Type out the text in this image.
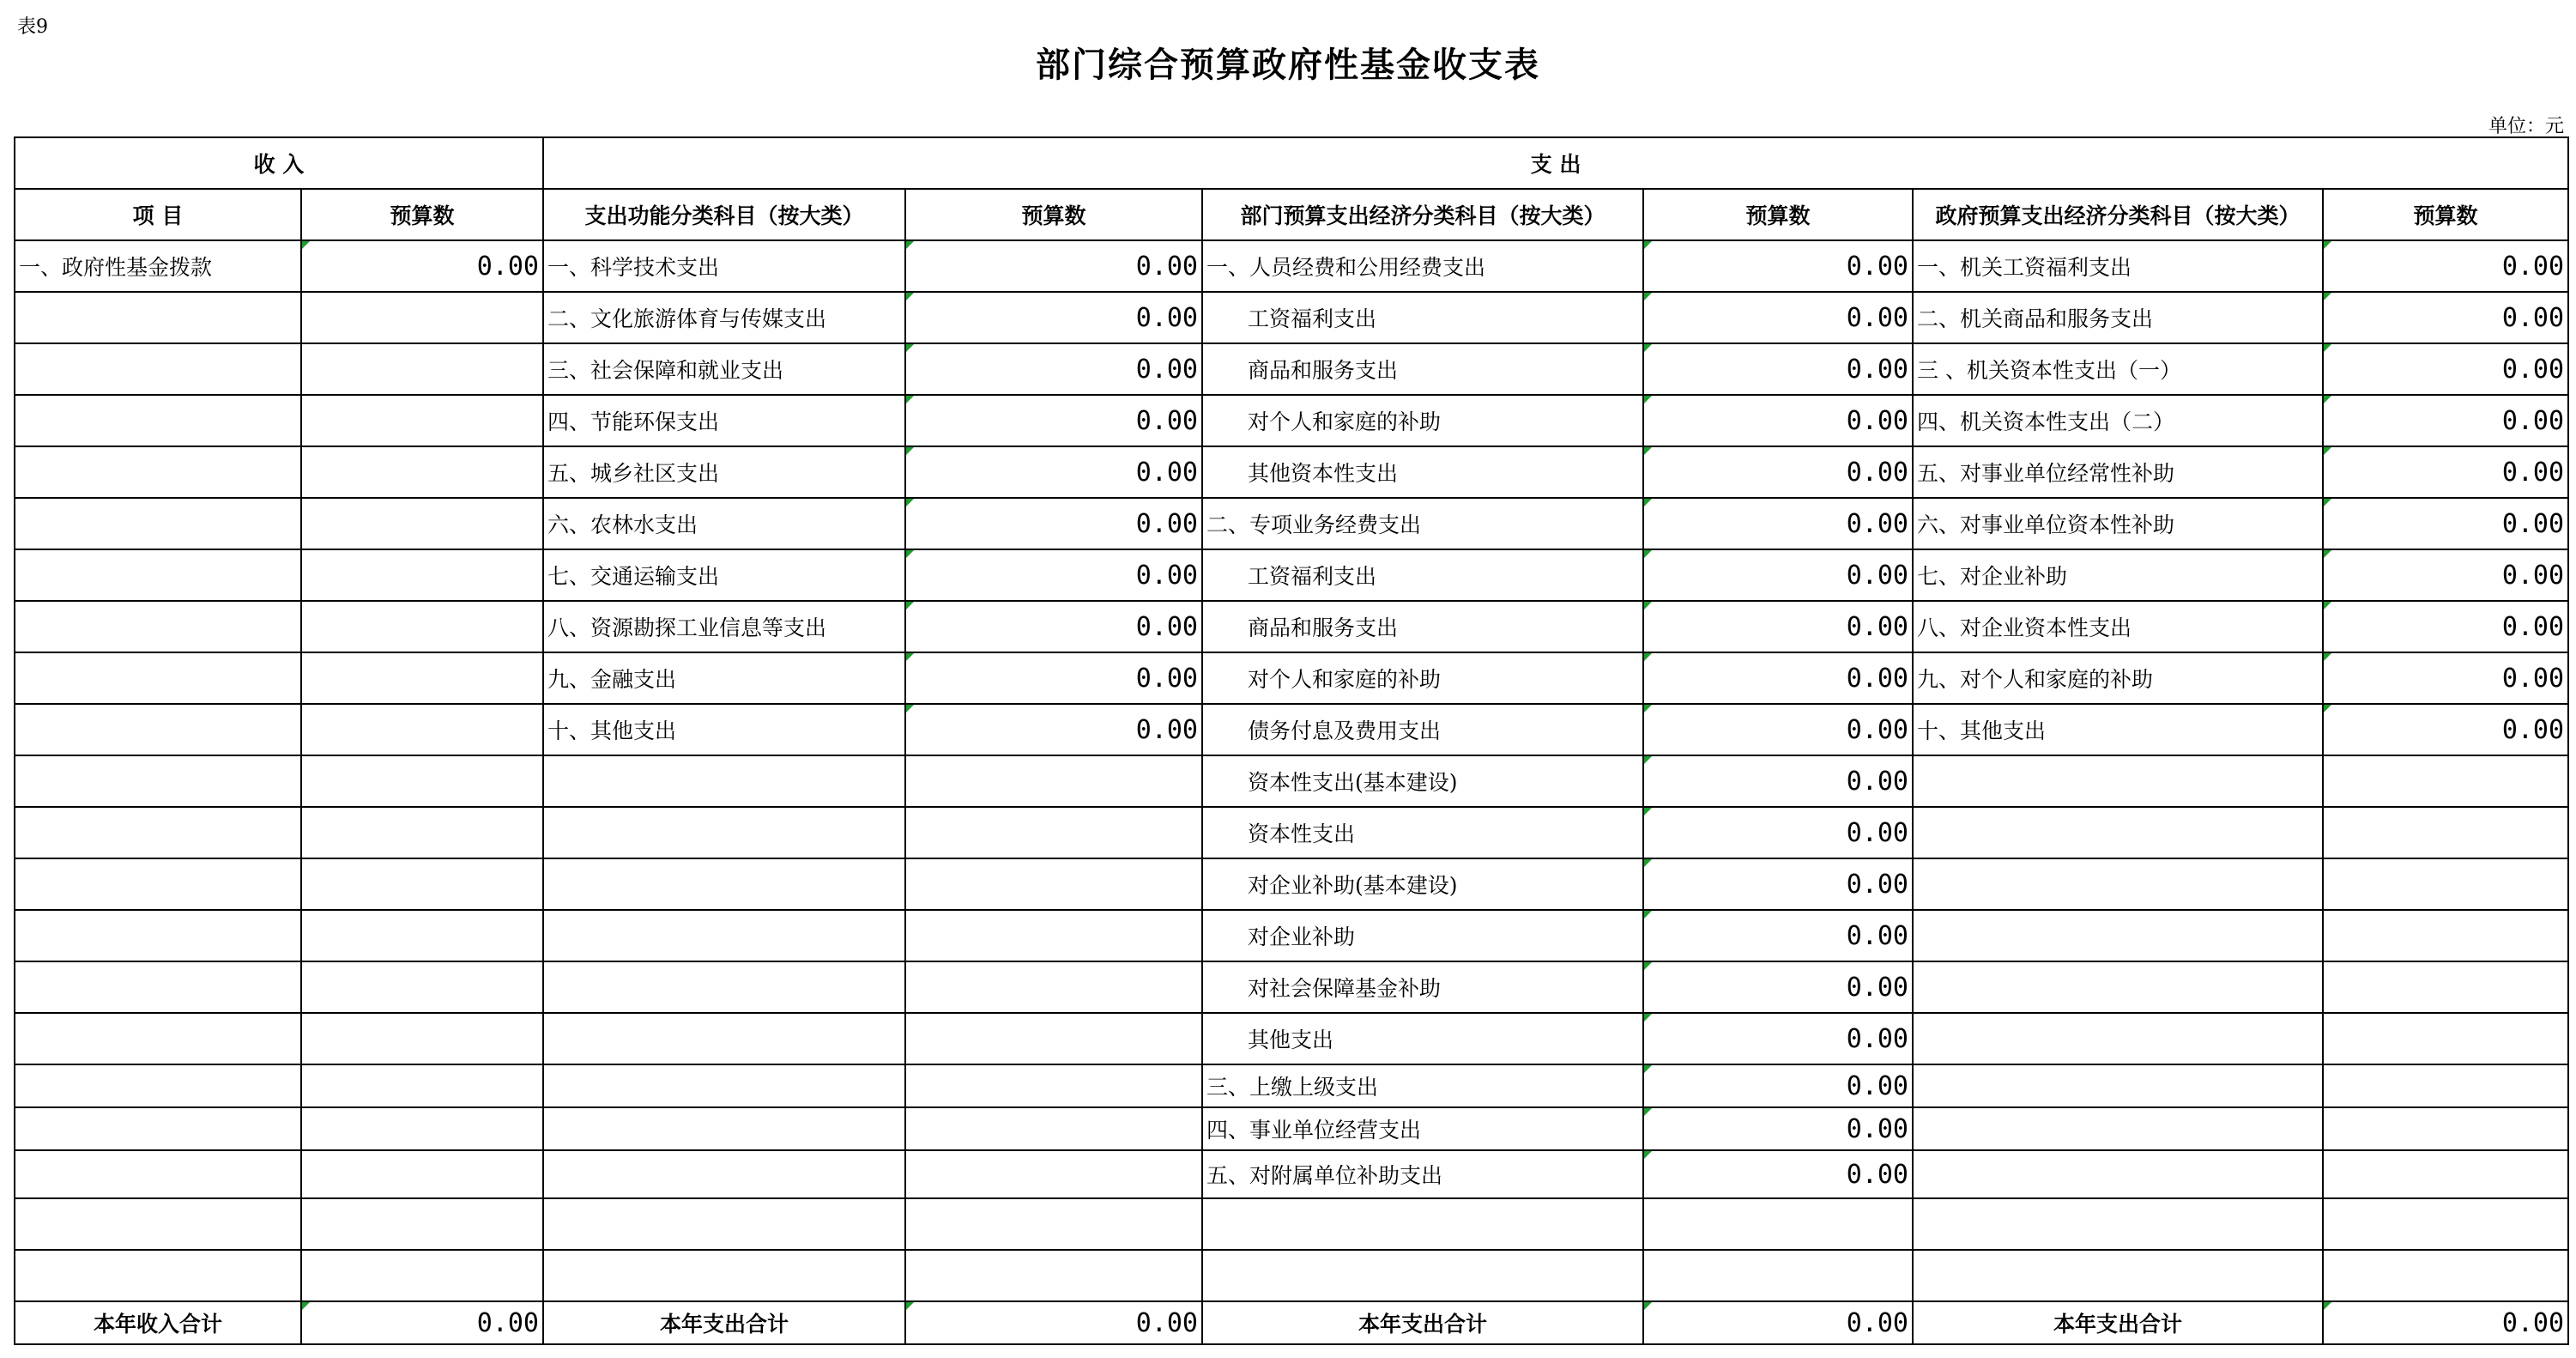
表9
部门综合预算政府性基金收支表
单位：元
收 入		支 出					
项 目	预算数	支出功能分类科目（按大类）	预算数	部门预算支出经济分类科目（按大类）	预算数	政府预算支出经济分类科目（按大类）	预算数
一、政府性基金拨款	0.00	一、科学技术支出	0.00	一、人员经费和公用经费支出	0.00	一、机关工资福利支出	0.00
		二、文化旅游体育与传媒支出	0.00	工资福利支出	0.00	二、机关商品和服务支出	0.00
		三、社会保障和就业支出	0.00	商品和服务支出	0.00	三 、机关资本性支出（一）	0.00
		四、节能环保支出	0.00	对个人和家庭的补助	0.00	四、机关资本性支出（二）	0.00
		五、城乡社区支出	0.00	其他资本性支出	0.00	五、对事业单位经常性补助	0.00
		六、农林水支出	0.00	二、专项业务经费支出	0.00	六、对事业单位资本性补助	0.00
		七、交通运输支出	0.00	工资福利支出	0.00	七、对企业补助	0.00
		八、资源勘探工业信息等支出	0.00	商品和服务支出	0.00	八、对企业资本性支出	0.00
		九、金融支出	0.00	对个人和家庭的补助	0.00	九、对个人和家庭的补助	0.00
		十、其他支出	0.00	债务付息及费用支出	0.00	十、其他支出	0.00
				资本性支出(基本建设)	0.00		
				资本性支出	0.00		
				对企业补助(基本建设)	0.00		
				对企业补助	0.00		
				对社会保障基金补助	0.00		
				其他支出	0.00		
				三、上缴上级支出	0.00		
				四、事业单位经营支出	0.00		
				五、对附属单位补助支出	0.00		

本年收入合计	0.00	本年支出合计	0.00	本年支出合计	0.00	本年支出合计	0.00
